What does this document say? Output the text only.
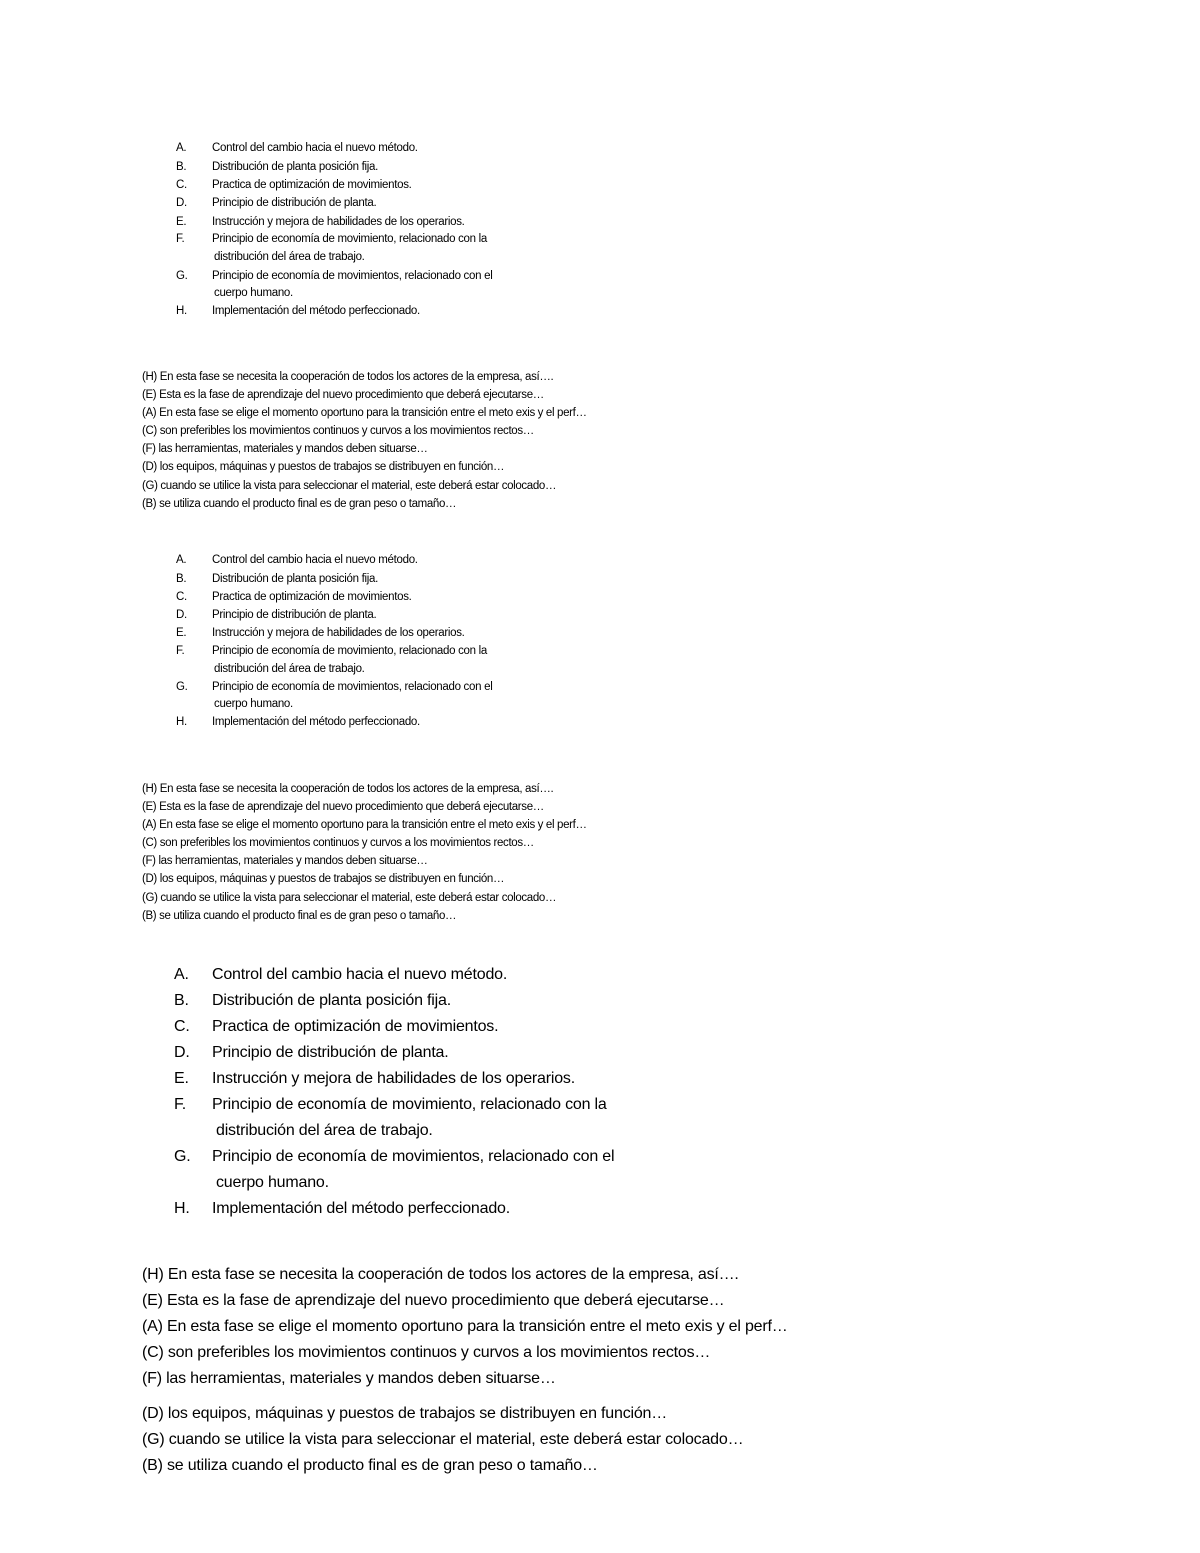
A. Control del cambio hacia el nuevo método.
B. Distribución de planta posición fija.
C. Practica de optimización de movimientos.
D. Principio de distribución de planta.
E. Instrucción y mejora de habilidades de los operarios.
F. Principio de economía de movimiento, relacionado con la
distribución del área de trabajo.
G. Principio de economía de movimientos, relacionado con el
cuerpo humano.
H. Implementación del método perfeccionado.
(H) En esta fase se necesita la cooperación de todos los actores de la empresa, así….
(E) Esta es la fase de aprendizaje del nuevo procedimiento que deberá ejecutarse…
(A) En esta fase se elige el momento oportuno para la transición entre el meto exis y el perf…
(C) son preferibles los movimientos continuos y curvos a los movimientos rectos…
(F) las herramientas, materiales y mandos deben situarse…
(D) los equipos, máquinas y puestos de trabajos se distribuyen en función…
(G) cuando se utilice la vista para seleccionar el material, este deberá estar colocado…
(B) se utiliza cuando el producto final es de gran peso o tamaño…
A. Control del cambio hacia el nuevo método.
B. Distribución de planta posición fija.
C. Practica de optimización de movimientos.
D. Principio de distribución de planta.
E. Instrucción y mejora de habilidades de los operarios.
F. Principio de economía de movimiento, relacionado con la
distribución del área de trabajo.
G. Principio de economía de movimientos, relacionado con el
cuerpo humano.
H. Implementación del método perfeccionado.
(H) En esta fase se necesita la cooperación de todos los actores de la empresa, así….
(E) Esta es la fase de aprendizaje del nuevo procedimiento que deberá ejecutarse…
(A) En esta fase se elige el momento oportuno para la transición entre el meto exis y el perf…
(C) son preferibles los movimientos continuos y curvos a los movimientos rectos…
(F) las herramientas, materiales y mandos deben situarse…
(D) los equipos, máquinas y puestos de trabajos se distribuyen en función…
(G) cuando se utilice la vista para seleccionar el material, este deberá estar colocado…
(B) se utiliza cuando el producto final es de gran peso o tamaño…
A. Control del cambio hacia el nuevo método.
B. Distribución de planta posición fija.
C. Practica de optimización de movimientos.
D. Principio de distribución de planta.
E. Instrucción y mejora de habilidades de los operarios.
F. Principio de economía de movimiento, relacionado con la
distribución del área de trabajo.
G. Principio de economía de movimientos, relacionado con el
cuerpo humano.
H. Implementación del método perfeccionado.
(H) En esta fase se necesita la cooperación de todos los actores de la empresa, así….
(E) Esta es la fase de aprendizaje del nuevo procedimiento que deberá ejecutarse…
(A) En esta fase se elige el momento oportuno para la transición entre el meto exis y el perf…
(C) son preferibles los movimientos continuos y curvos a los movimientos rectos…
(F) las herramientas, materiales y mandos deben situarse…
(D) los equipos, máquinas y puestos de trabajos se distribuyen en función…
(G) cuando se utilice la vista para seleccionar el material, este deberá estar colocado…
(B) se utiliza cuando el producto final es de gran peso o tamaño…
